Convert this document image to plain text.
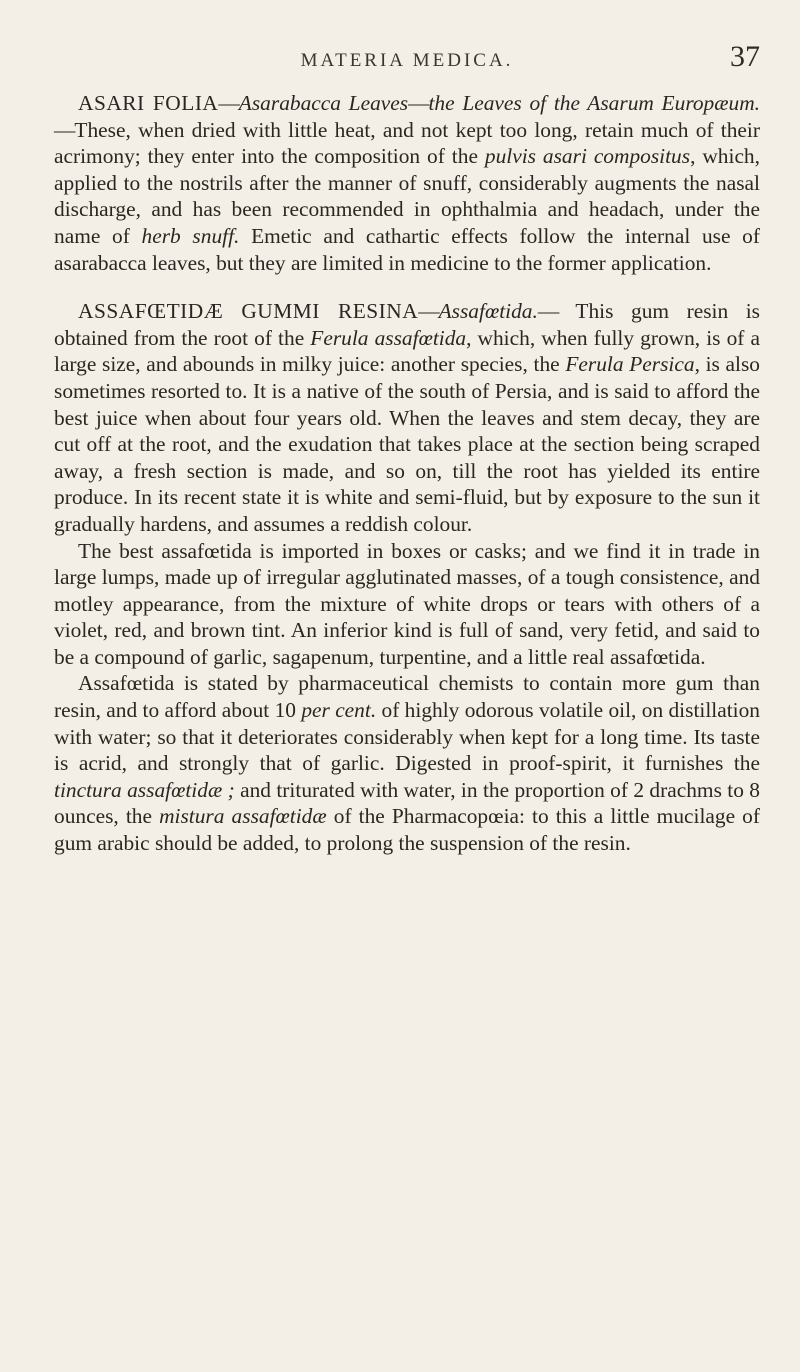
MATERIA MEDICA.	37

ASARI FOLIA—Asarabacca Leaves—the Leaves of the Asarum Europæum.—These, when dried with little heat, and not kept too long, retain much of their acrimony; they enter into the composition of the pulvis asari compositus, which, applied to the nostrils after the manner of snuff, considerably augments the nasal discharge, and has been recommended in ophthalmia and headach, under the name of herb snuff. Emetic and cathartic effects follow the internal use of asarabacca leaves, but they are limited in medicine to the former application.

ASSAFŒTIDÆ GUMMI RESINA—Assafœtida.— This gum resin is obtained from the root of the Ferula assafœtida, which, when fully grown, is of a large size, and abounds in milky juice: another species, the Ferula Persica, is also sometimes resorted to. It is a native of the south of Persia, and is said to afford the best juice when about four years old. When the leaves and stem decay, they are cut off at the root, and the exudation that takes place at the section being scraped away, a fresh section is made, and so on, till the root has yielded its entire produce. In its recent state it is white and semi-fluid, but by exposure to the sun it gradually hardens, and assumes a reddish colour.

The best assafœtida is imported in boxes or casks; and we find it in trade in large lumps, made up of irregular agglutinated masses, of a tough consistence, and motley appearance, from the mixture of white drops or tears with others of a violet, red, and brown tint. An inferior kind is full of sand, very fetid, and said to be a compound of garlic, sagapenum, turpentine, and a little real assafœtida.

Assafœtida is stated by pharmaceutical chemists to contain more gum than resin, and to afford about 10 per cent. of highly odorous volatile oil, on distillation with water; so that it deteriorates considerably when kept for a long time. Its taste is acrid, and strongly that of garlic. Digested in proof-spirit, it furnishes the tinctura assafœtidæ ; and triturated with water, in the proportion of 2 drachms to 8 ounces, the mistura assafœtidæ of the Pharmacopœia: to this a little mucilage of gum arabic should be added, to prolong the suspension of the resin.
